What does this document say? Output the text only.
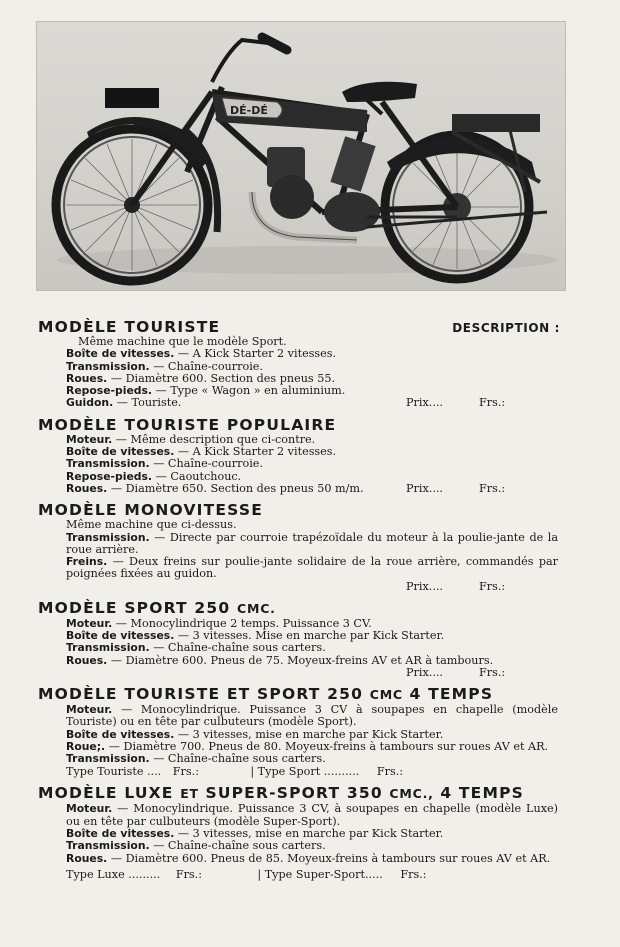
DÉ-DÉ
MODÈLE TOURISTE	DESCRIPTION :
Même machine que le modèle Sport.
Boîte de vitesses. — A Kick Starter 2 vitesses.
Transmission. — Chaîne-courroie.
Roues. — Diamètre 600. Section des pneus 55.
Repose-pieds. — Type « Wagon » en aluminium.
Guidon. — Touriste.	Prix....	Frs.:
MODÈLE TOURISTE POPULAIRE
Moteur. — Même description que ci-contre.
Boîte de vitesses. — A Kick Starter 2 vitesses.
Transmission. — Chaîne-courroie.
Repose-pieds. — Caoutchouc.
Roues. — Diamètre 650. Section des pneus 50 m/m.	Prix....	Frs.:
MODÈLE MONOVITESSE
Même machine que ci-dessus.
Transmission. — Directe par courroie trapézoïdale du moteur à la poulie-jante de la roue arrière.
Freins. — Deux freins sur poulie-jante solidaire de la roue arrière, commandés par poignées fixées au guidon.
Prix....	Frs.:
MODÈLE SPORT 250 CMC.
Moteur. — Monocylindrique 2 temps. Puissance 3 CV.
Boîte de vitesses. — 3 vitesses. Mise en marche par Kick Starter.
Transmission. — Chaîne-chaîne sous carters.
Roues. — Diamètre 600. Pneus de 75. Moyeux-freins AV et AR à tambours.
Prix....	Frs.:
MODÈLE TOURISTE ET SPORT 250 CMC 4 TEMPS
Moteur. — Monocylindrique. Puissance 3 CV à soupapes en chapelle (modèle Touriste) ou en tête par culbuteurs (modèle Sport).
Boîte de vitesses. — 3 vitesses, mise en marche par Kick Starter.
Roue;. — Diamètre 700. Pneus de 80. Moyeux-freins à tambours sur roues AV et AR.
Transmission. — Chaîne-chaîne sous carters.
Type Touriste .... Frs.:	| Type Sport .......... Frs.:
MODÈLE LUXE ET SUPER-SPORT 350 CMC., 4 TEMPS
Moteur. — Monocylindrique. Puissance 3 CV, à soupapes en chapelle (modèle Luxe) ou en tête par culbuteurs (modèle Super-Sport).
Boîte de vitesses. — 3 vitesses, mise en marche par Kick Starter.
Transmission. — Chaîne-chaîne sous carters.
Roues. — Diamètre 600. Pneus de 85. Moyeux-freins à tambours sur roues AV et AR.
Type Luxe ......... Frs.:	| Type Super-Sport..... Frs.:
